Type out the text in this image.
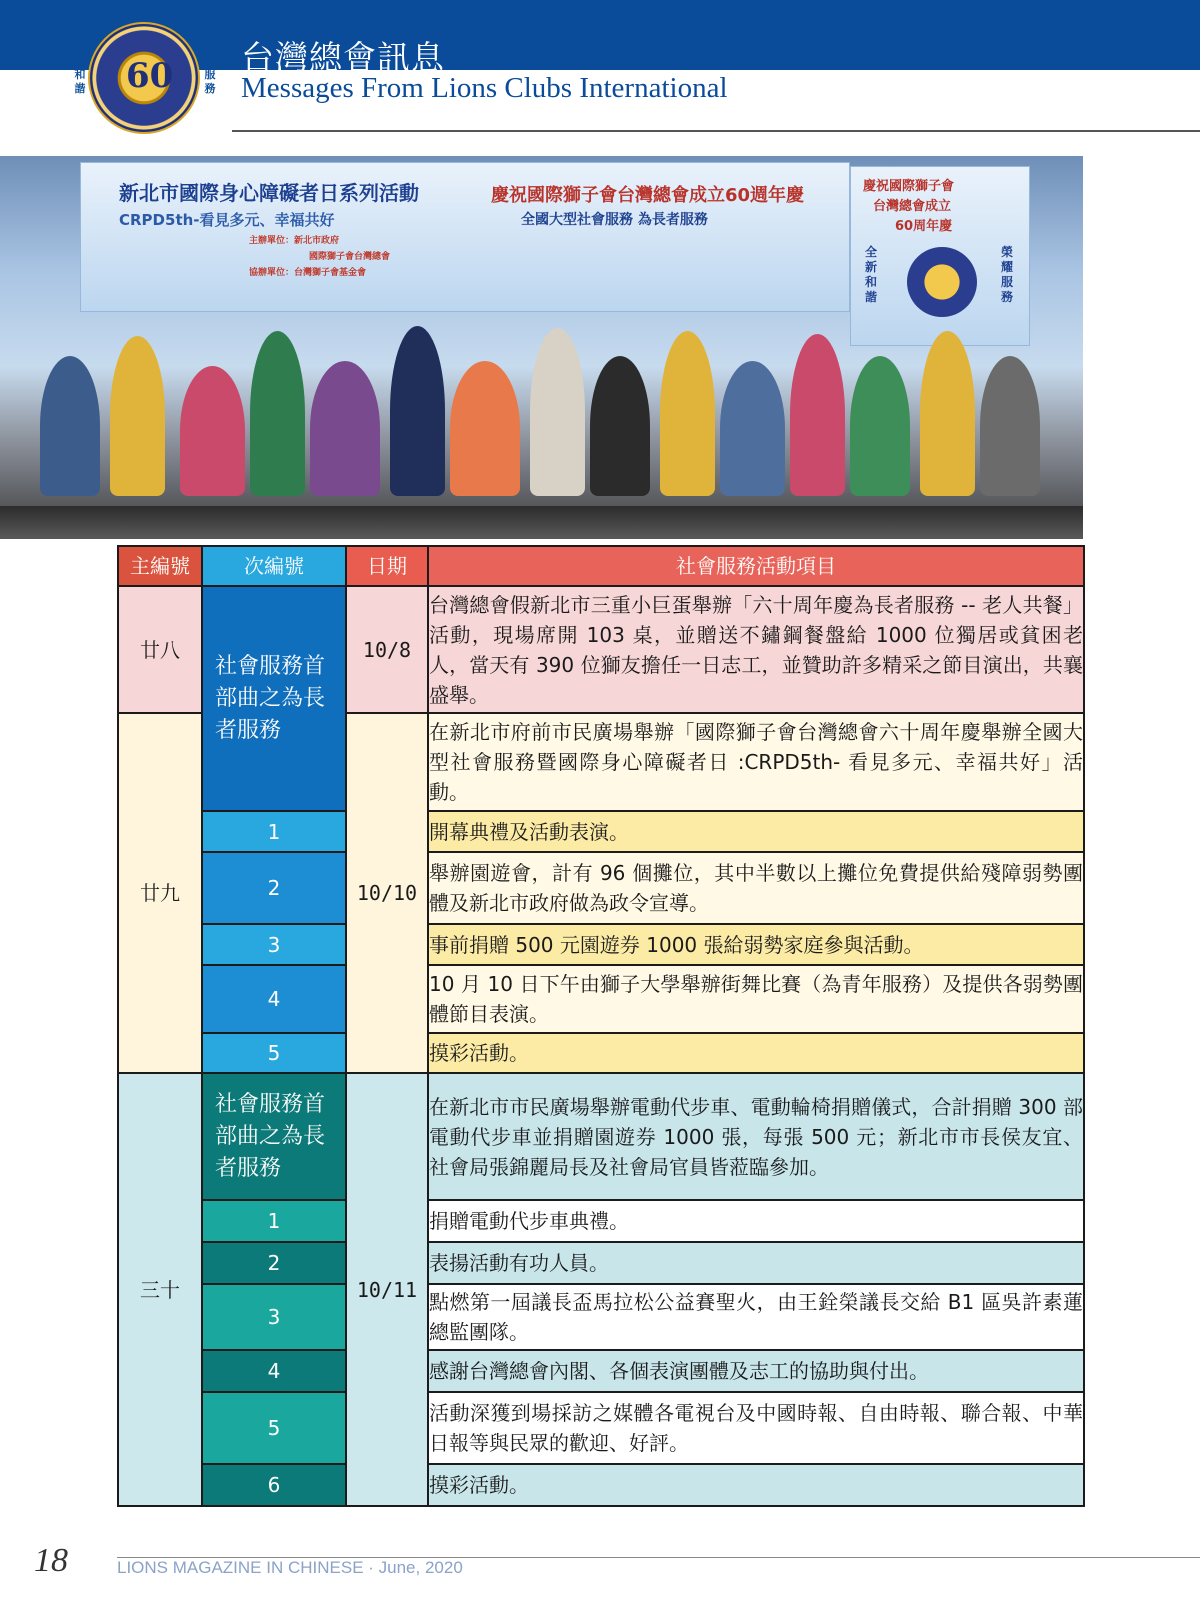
全新和諧 60
榮耀服務
台灣總會訊息
Messages From Lions Clubs International
新北市國際身心障礙者日系列活動
CRPD5th-看見多元、幸福共好
主辦單位：新北市政府
國際獅子會台灣總會
協辦單位：台灣獅子會基金會
慶祝國際獅子會台灣總會成立60週年慶
全國大型社會服務 為長者服務
慶祝國際獅子會
台灣總會成立
60周年慶
全新和諧
榮耀服務
主編號	次編號	日期	社會服務活動項目
廿八	社會服務首部曲之為長者服務	10/8	台灣總會假新北市三重小巨蛋舉辦「六十周年慶為長者服務 -- 老人共餐」活動，現場席開 103 桌，並贈送不鏽鋼餐盤給 1000 位獨居或貧困老人，當天有 390 位獅友擔任一日志工，並贊助許多精采之節目演出，共襄盛舉。
廿九		10/10	在新北市府前市民廣場舉辦「國際獅子會台灣總會六十周年慶舉辦全國大型社會服務暨國際身心障礙者日 :CRPD5th- 看見多元、幸福共好」活動。
	1		開幕典禮及活動表演。
	2		舉辦園遊會，計有 96 個攤位，其中半數以上攤位免費提供給殘障弱勢團體及新北市政府做為政令宣導。
	3		事前捐贈 500 元園遊券 1000 張給弱勢家庭參與活動。
	4		10 月 10 日下午由獅子大學舉辦街舞比賽（為青年服務）及提供各弱勢團體節目表演。
	5		摸彩活動。
三十	社會服務首部曲之為長者服務	10/11	在新北市市民廣場舉辦電動代步車、電動輪椅捐贈儀式，合計捐贈 300 部電動代步車並捐贈園遊券 1000 張，每張 500 元；新北市市長侯友宜、社會局張錦麗局長及社會局官員皆蒞臨參加。
	1		捐贈電動代步車典禮。
	2		表揚活動有功人員。
	3		點燃第一屆議長盃馬拉松公益賽聖火，由王銓榮議長交給 B1 區吳許素蓮總監團隊。
	4		感謝台灣總會內閣、各個表演團體及志工的協助與付出。
	5		活動深獲到場採訪之媒體各電視台及中國時報、自由時報、聯合報、中華日報等與民眾的歡迎、好評。
	6		摸彩活動。
18	LIONS MAGAZINE IN CHINESE · June, 2020
